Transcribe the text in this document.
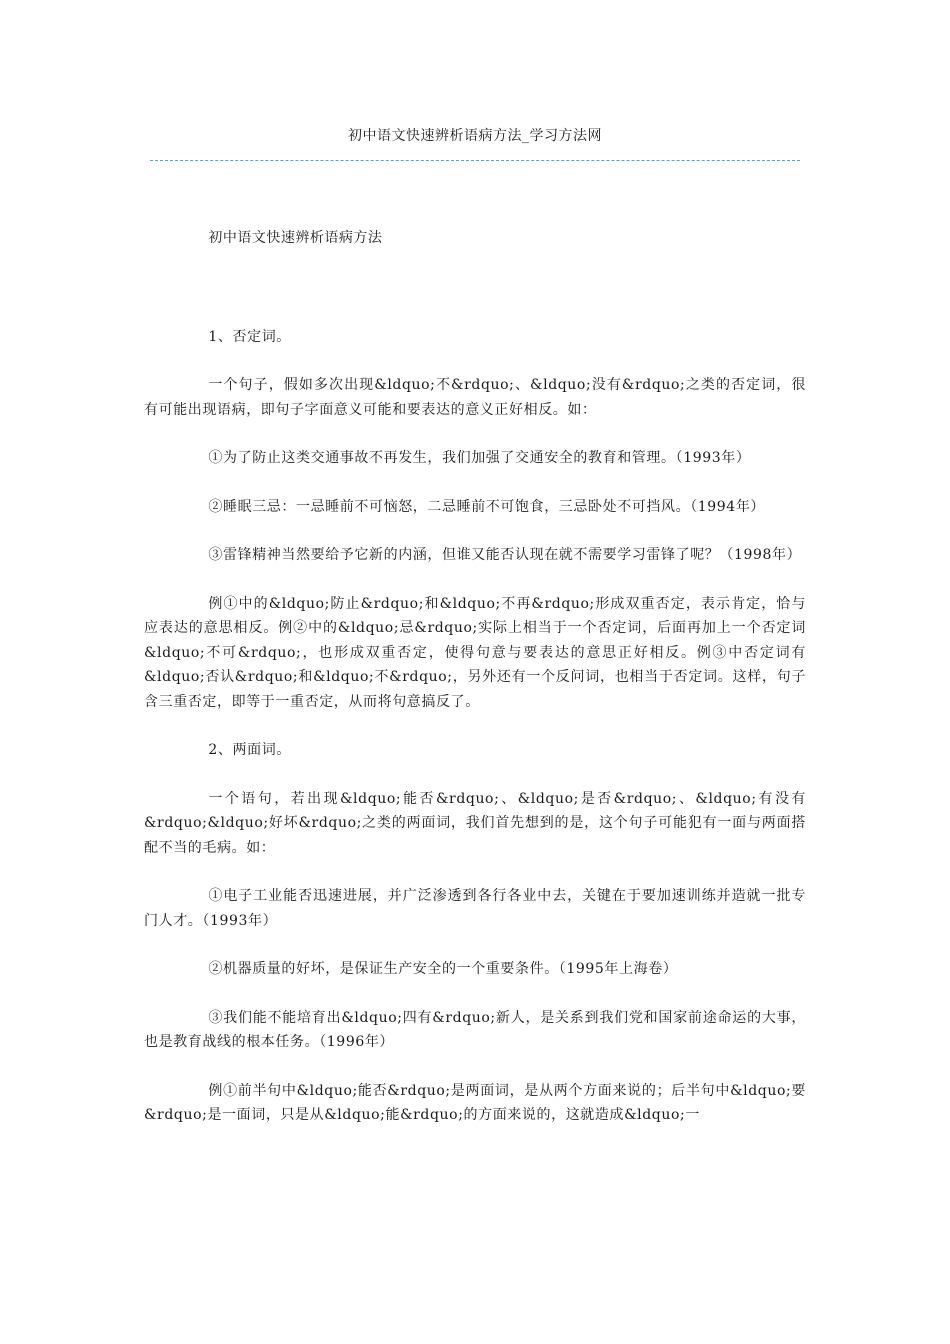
初中语文快速辨析语病方法_学习方法网

初中语文快速辨析语病方法

1、否定词。

一个句子，假如多次出现&ldquo;不&rdquo;、&ldquo;没有&rdquo;之类的否定词，很有可能出现语病，即句子字面意义可能和要表达的意义正好相反。如：

①为了防止这类交通事故不再发生，我们加强了交通安全的教育和管理。（1993年）

②睡眠三忌：一忌睡前不可恼怒，二忌睡前不可饱食，三忌卧处不可挡风。（1994年）

③雷锋精神当然要给予它新的内涵，但谁又能否认现在就不需要学习雷锋了呢？（1998年）

例①中的&ldquo;防止&rdquo;和&ldquo;不再&rdquo;形成双重否定，表示肯定，恰与应表达的意思相反。例②中的&ldquo;忌&rdquo;实际上相当于一个否定词，后面再加上一个否定词&ldquo;不可&rdquo;，也形成双重否定，使得句意与要表达的意思正好相反。例③中否定词有&ldquo;否认&rdquo;和&ldquo;不&rdquo;，另外还有一个反问词，也相当于否定词。这样，句子含三重否定，即等于一重否定，从而将句意搞反了。

2、两面词。

一个语句，若出现&ldquo;能否&rdquo;、&ldquo;是否&rdquo;、&ldquo;有没有&rdquo;&ldquo;好坏&rdquo;之类的两面词，我们首先想到的是，这个句子可能犯有一面与两面搭配不当的毛病。如：

①电子工业能否迅速进展，并广泛渗透到各行各业中去，关键在于要加速训练并造就一批专门人才。（1993年）

②机器质量的好坏，是保证生产安全的一个重要条件。（1995年上海卷）

③我们能不能培育出&ldquo;四有&rdquo;新人，是关系到我们党和国家前途命运的大事，也是教育战线的根本任务。（1996年）

例①前半句中&ldquo;能否&rdquo;是两面词，是从两个方面来说的；后半句中&ldquo;要&rdquo;是一面词，只是从&ldquo;能&rdquo;的方面来说的，这就造成&ldquo;一
